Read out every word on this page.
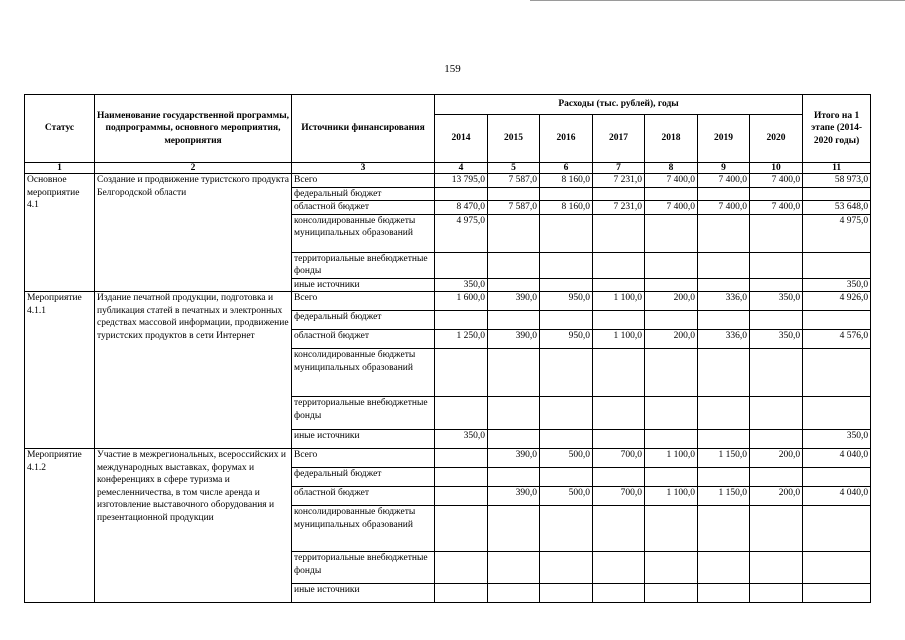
159
Статус	Наименование государственной программы, подпрограммы, основного мероприятия, мероприятия	Источники финансирования	Расходы (тыс. рублей), годы							Итого на 1 этапе (2014-2020 годы)
			2014	2015	2016	2017	2018	2019	2020	
1	2	3	4	5	6	7	8	9	10	11
Основное мероприятие 4.1	Создание и продвижение туристского продукта Белгородской области	Всего	13 795,0	7 587,0	8 160,0	7 231,0	7 400,0	7 400,0	7 400,0	58 973,0
		федеральный бюджет								
		областной бюджет	8 470,0	7 587,0	8 160,0	7 231,0	7 400,0	7 400,0	7 400,0	53 648,0
		консолидированные бюджеты муниципальных образований	4 975,0							4 975,0
		территориальные внебюджетные фонды								
		иные источники	350,0							350,0
Мероприятие 4.1.1	Издание печатной продукции, подготовка и публикация статей в печатных и электронных средствах массовой информации, продвижение туристских продуктов в сети Интернет	Всего	1 600,0	390,0	950,0	1 100,0	200,0	336,0	350,0	4 926,0
		федеральный бюджет								
		областной бюджет	1 250,0	390,0	950,0	1 100,0	200,0	336,0	350,0	4 576,0
		консолидированные бюджеты муниципальных образований								
		территориальные внебюджетные фонды								
		иные источники	350,0							350,0
Мероприятие 4.1.2	Участие в межрегиональных, всероссийских и международных выставках, форумах и конференциях в сфере туризма и ремесленничества, в том числе аренда и изготовление выставочного оборудования и презентационной продукции	Всего		390,0	500,0	700,0	1 100,0	1 150,0	200,0	4 040,0
		федеральный бюджет								
		областной бюджет		390,0	500,0	700,0	1 100,0	1 150,0	200,0	4 040,0
		консолидированные бюджеты муниципальных образований								
		территориальные внебюджетные фонды								
		иные источники								
